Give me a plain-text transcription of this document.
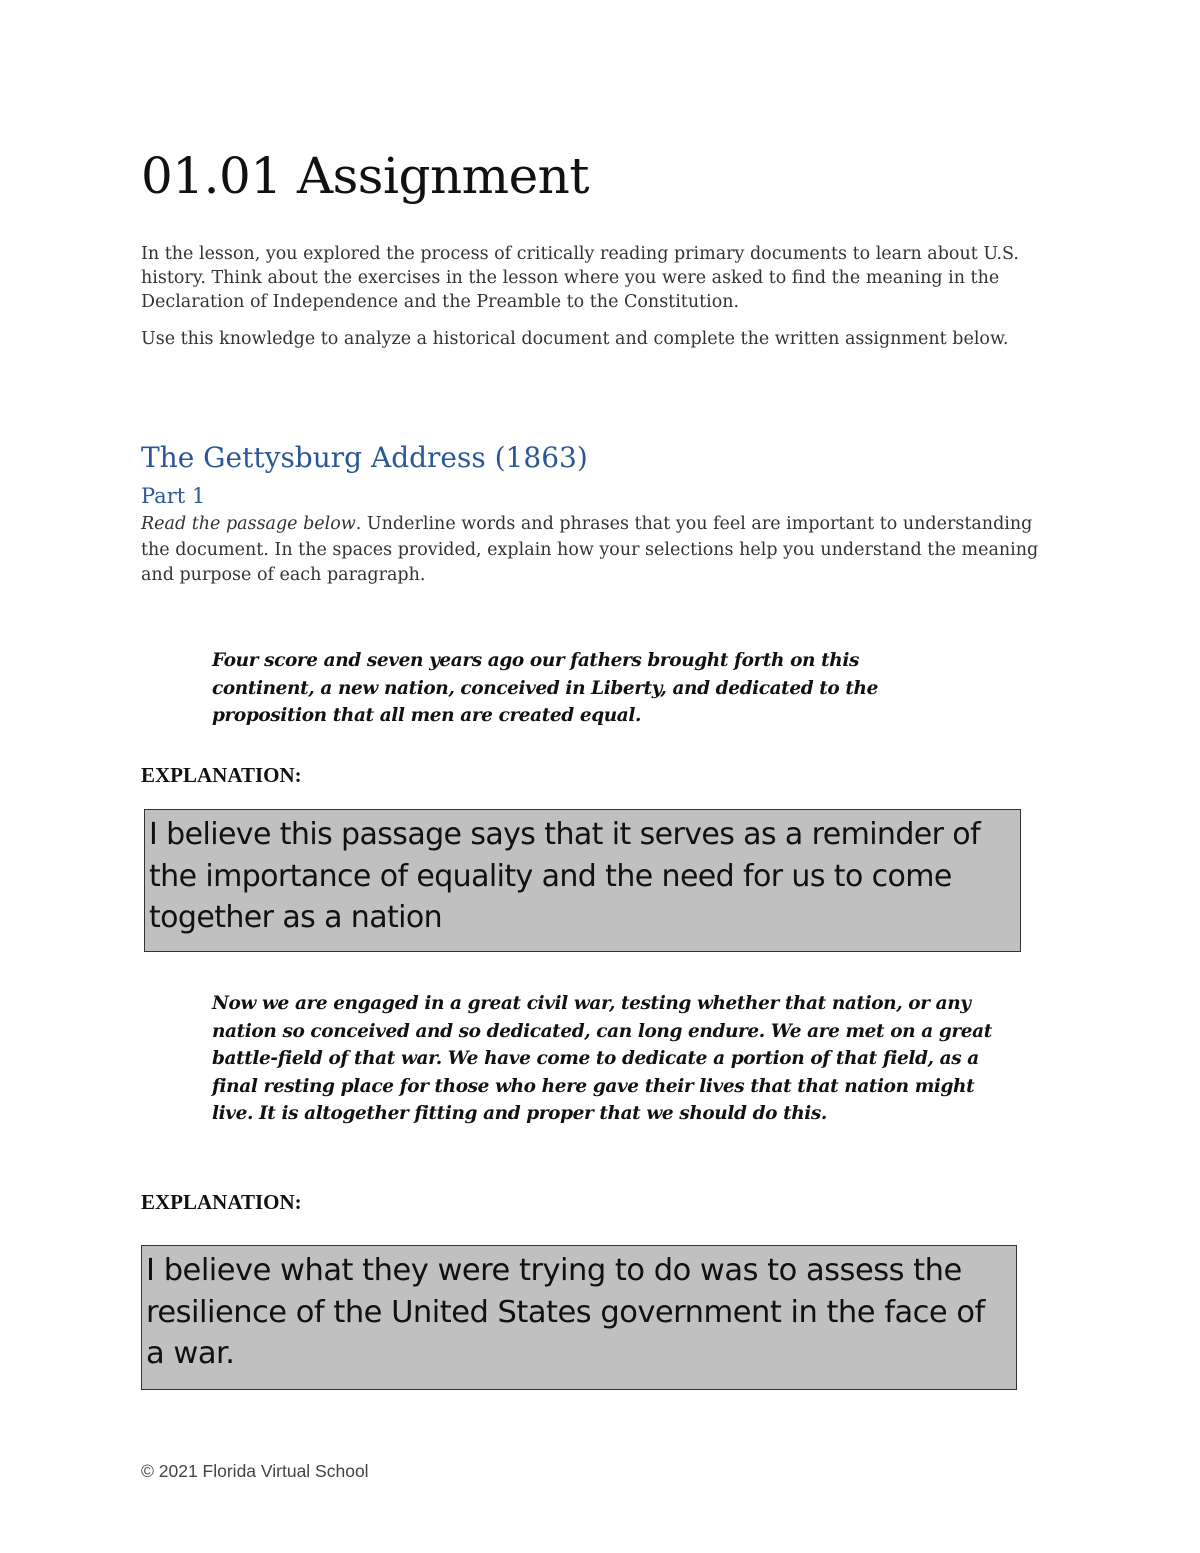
01.01 Assignment

In the lesson, you explored the process of critically reading primary documents to learn about U.S. history. Think about the exercises in the lesson where you were asked to find the meaning in the Declaration of Independence and the Preamble to the Constitution.

Use this knowledge to analyze a historical document and complete the written assignment below.

The Gettysburg Address (1863)
Part 1

Read the passage below. Underline words and phrases that you feel are important to understanding the document. In the spaces provided, explain how your selections help you understand the meaning and purpose of each paragraph.

Four score and seven years ago our fathers brought forth on this continent, a new nation, conceived in Liberty, and dedicated to the proposition that all men are created equal.

EXPLANATION:

I believe this passage says that it serves as a reminder of the importance of equality and the need for us to come together as a nation

Now we are engaged in a great civil war, testing whether that nation, or any nation so conceived and so dedicated, can long endure. We are met on a great battle-field of that war. We have come to dedicate a portion of that field, as a final resting place for those who here gave their lives that that nation might live. It is altogether fitting and proper that we should do this.

EXPLANATION:

I believe what they were trying to do was to assess the resilience of the United States government in the face of a war.

© 2021 Florida Virtual School
